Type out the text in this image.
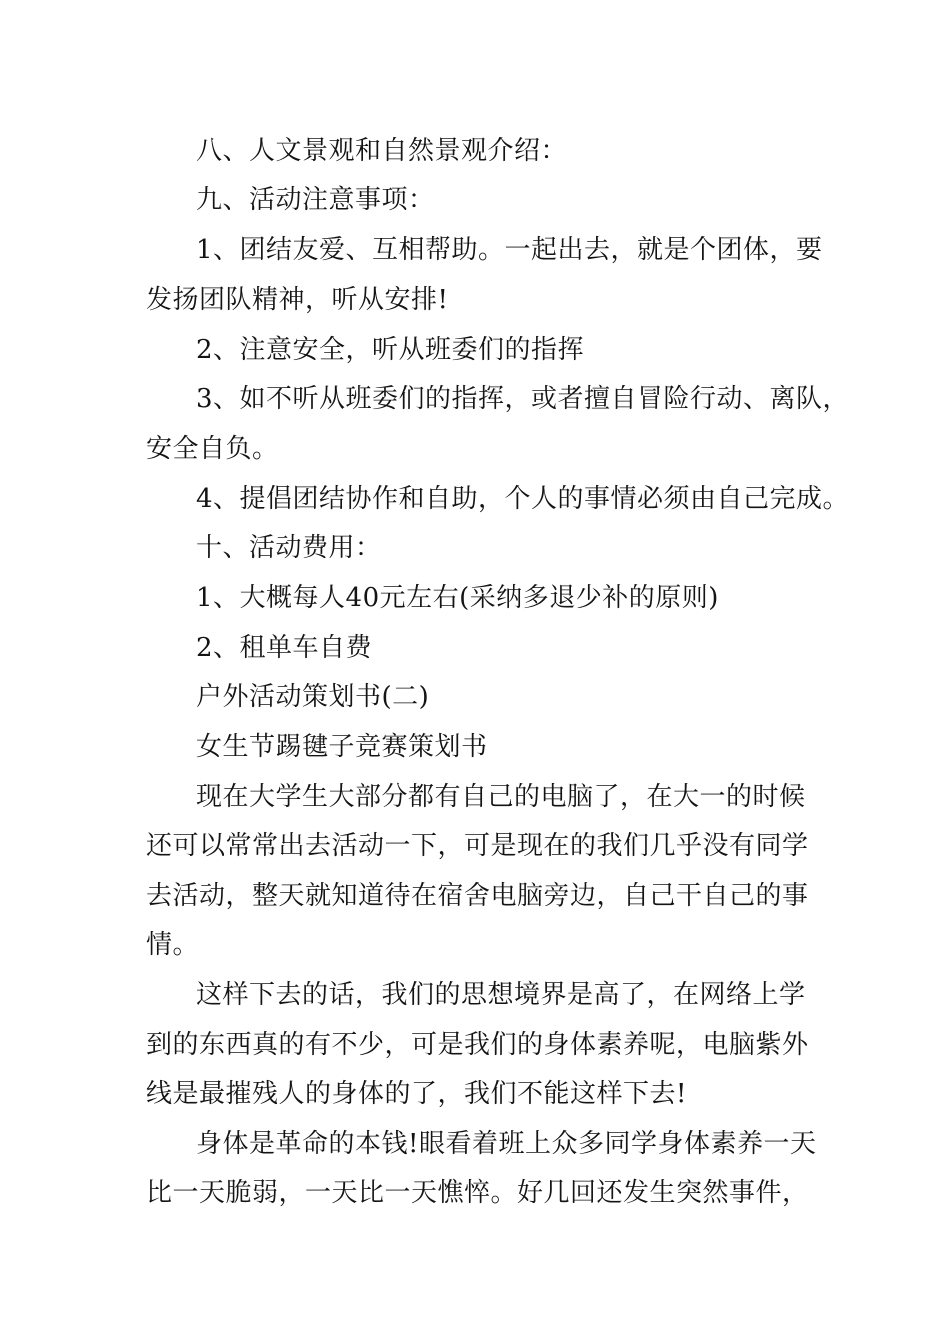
八、人文景观和自然景观介绍：
九、活动注意事项：
1、团结友爱、互相帮助。一起出去，就是个团体，要
发扬团队精神，听从安排!
2、注意安全，听从班委们的指挥
3、如不听从班委们的指挥，或者擅自冒险行动、离队，
安全自负。
4、提倡团结协作和自助，个人的事情必须由自己完成。
十、活动费用：
1、大概每人40元左右(采纳多退少补的原则)
2、租单车自费
户外活动策划书(二)
女生节踢毽子竞赛策划书
现在大学生大部分都有自己的电脑了，在大一的时候
还可以常常出去活动一下，可是现在的我们几乎没有同学
去活动，整天就知道待在宿舍电脑旁边，自己干自己的事
情。
这样下去的话，我们的思想境界是高了，在网络上学
到的东西真的有不少，可是我们的身体素养呢，电脑紫外
线是最摧残人的身体的了，我们不能这样下去!
身体是革命的本钱!眼看着班上众多同学身体素养一天
比一天脆弱，一天比一天憔悴。好几回还发生突然事件，
